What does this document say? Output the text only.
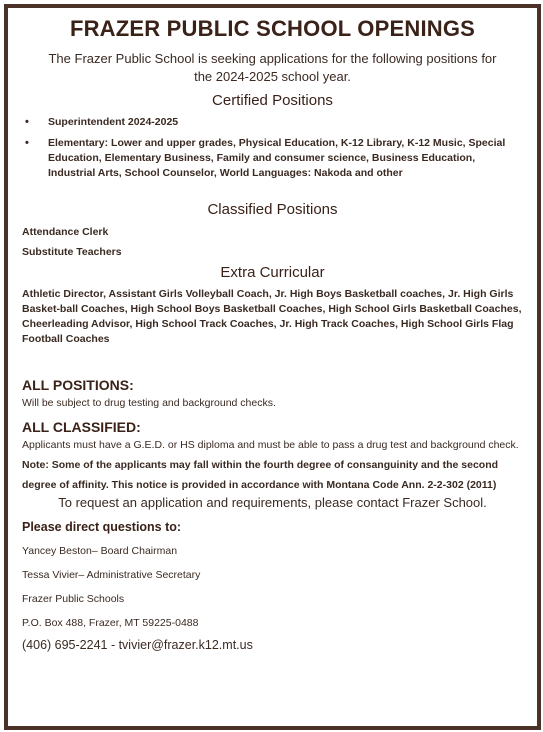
FRAZER PUBLIC SCHOOL OPENINGS
The Frazer Public School is seeking applications for the following positions for the 2024-2025 school year.
Certified Positions
• Superintendent 2024-2025
• Elementary: Lower and upper grades, Physical Education, K-12 Library, K-12 Music, Special Education, Elementary Business, Family and consumer science, Business Education, Industrial Arts, School Counselor, World Languages: Nakoda and other
Classified Positions
Attendance Clerk
Substitute Teachers
Extra Curricular
Athletic Director, Assistant Girls Volleyball Coach, Jr. High Boys Basketball coaches, Jr. High Girls Basket-ball Coaches, High School Boys Basketball Coaches, High School Girls Basketball Coaches, Cheerleading Advisor, High School Track Coaches, Jr. High Track Coaches, High School Girls Flag Football Coaches
ALL POSITIONS:
Will be subject to drug testing and background checks.
ALL CLASSIFIED:
Applicants must have a G.E.D. or HS diploma and must be able to pass a drug test and background check.
Note: Some of the applicants may fall within the fourth degree of consanguinity and the second degree of affinity. This notice is provided in accordance with Montana Code Ann. 2-2-302 (2011)
To request an application and requirements, please contact Frazer School.
Please direct questions to:
Yancey Beston– Board Chairman
Tessa Vivier– Administrative Secretary
Frazer Public Schools
P.O. Box 488, Frazer, MT 59225-0488
(406) 695-2241 - tvivier@frazer.k12.mt.us
